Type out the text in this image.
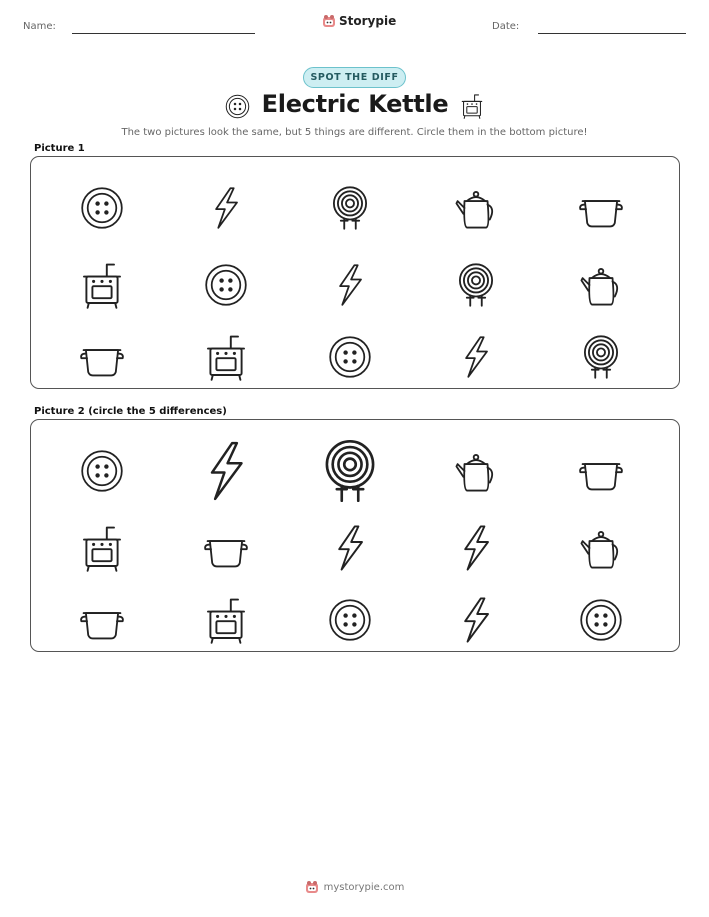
Name:	Storypie	Date:
SPOT THE DIFF
Electric Kettle
The two pictures look the same, but 5 things are different. Circle them in the bottom picture!
Picture 1
Picture 2 (circle the 5 differences)
mystorypie.com
